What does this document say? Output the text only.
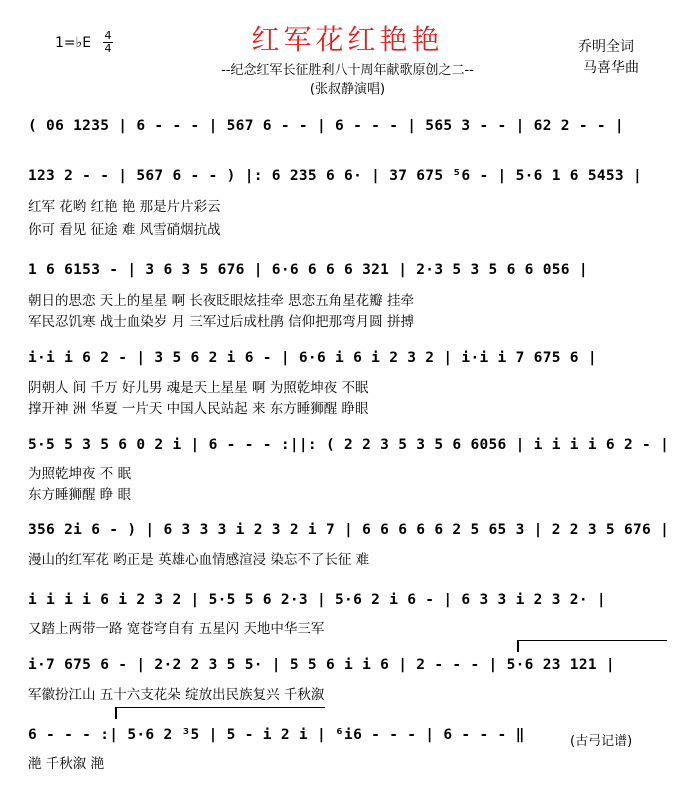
红军花红艳艳
1=♭E 4
4
--纪念红军长征胜利八十周年献歌原创之二--
(张叔静演唱)
乔明全词
马喜华曲
( 06 1235 | 6 - - - | 567 6 - - | 6 - - - | 565 3 - - | 62 2 - - |
123 2 - - | 567 6 - - ) |: 6 235 6 6· | 37 675 ⁵6 - | 5·6 1 6 5453 |
红军 花哟 红艳 艳 那是片片彩云
你可 看见 征途 难 风雪硝烟抗战
1 6 6153 - | 3 6 3 5 676 | 6·6 6 6 6 321 | 2·3 5 3 5 6 6 056 |
朝日的思恋 天上的星星 啊 长夜眨眼炫挂牵 思恋五角星花瓣 挂牵
军民忍饥寒 战士血染岁 月 三军过后成杜鹃 信仰把那弯月圆 拼搏
i·i i 6 2 - | 3 5 6 2 i 6 - | 6·6 i 6 i 2 3 2 | i·i i 7 675 6 |
阴朝人 间 千万 好儿男 魂是天上星星 啊 为照乾坤夜 不眠
撑开神 洲 华夏 一片天 中国人民站起 来 东方睡狮醒 睁眼
5·5 5 3 5 6 0 2 i | 6 - - - :||: ( 2 2 3 5 3 5 6 6056 | i i i i 6 2 - |
为照乾坤夜 不 眠
东方睡狮醒 睁 眼
356 2i 6 - ) | 6 3 3 3 i 2 3 2 i 7 | 6 6 6 6 6 2 5 65 3 | 2 2 3 5 676 |
漫山的红军花 哟正是 英雄心血情感渲浸 染忘不了长征 难
i i i i 6 i 2 3 2 | 5·5 5 6 2·3 | 5·6 2 i 6 - | 6 3 3 i 2 3 2· |
又踏上两带一路 宽苍穹自有 五星闪 天地中华三军
i·7 675 6 - | 2·2 2 3 5 5· | 5 5 6 i i 6 | 2 - - - | 5·6 23 121 |
军徽扮江山 五十六支花朵 绽放出民族复兴 千秋溆
6 - - - :| 5·6 2 ³5 | 5 - i 2 i | ⁶i6 - - - | 6 - - - ‖
滟 千秋溆 滟
(古弓记谱)
